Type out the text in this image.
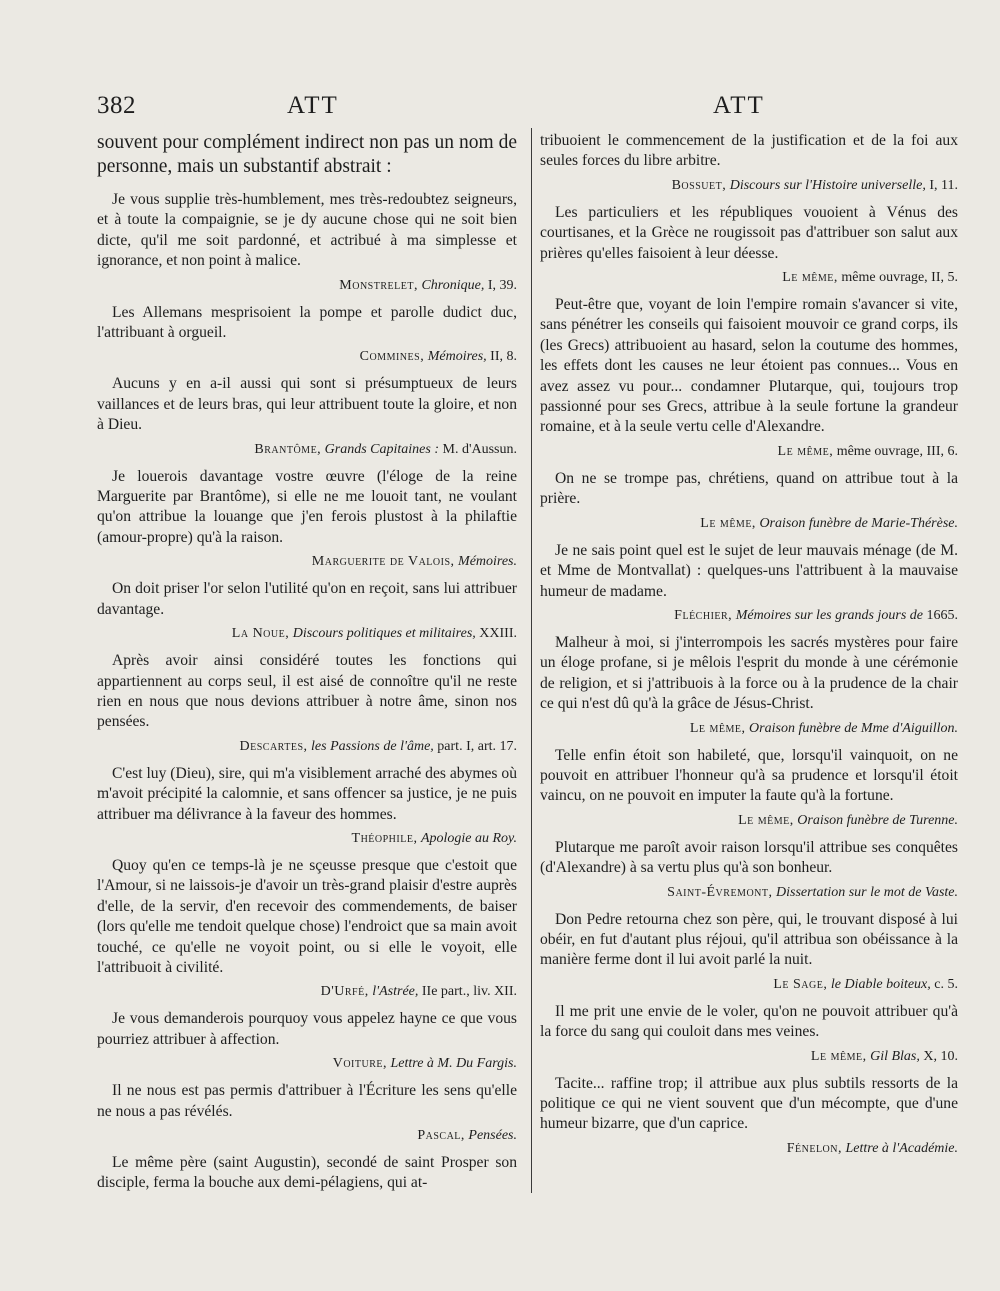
382	ATT	ATT

souvent pour complément indirect non pas un nom de personne, mais un substantif abstrait :

Je vous supplie très-humblement, mes très-redoubtez seigneurs, et à toute la compaignie, se je dy aucune chose qui ne soit bien dicte, qu'il me soit pardonné, et actribué à ma simplesse et ignorance, et non point à malice.

Monstrelet, Chronique, I, 39.

Les Allemans mesprisoient la pompe et parolle dudict duc, l'attribuant à orgueil.

Commines, Mémoires, II, 8.

Aucuns y en a-il aussi qui sont si présumptueux de leurs vaillances et de leurs bras, qui leur attribuent toute la gloire, et non à Dieu.

Brantôme, Grands Capitaines : M. d'Aussun.

Je louerois davantage vostre œuvre (l'éloge de la reine Marguerite par Brantôme), si elle ne me louoit tant, ne voulant qu'on attribue la louange que j'en ferois plustost à la philaftie (amour-propre) qu'à la raison.

Marguerite de Valois, Mémoires.

On doit priser l'or selon l'utilité qu'on en reçoit, sans lui attribuer davantage.

La Noue, Discours politiques et militaires, XXIII.

Après avoir ainsi considéré toutes les fonctions qui appartiennent au corps seul, il est aisé de connoître qu'il ne reste rien en nous que nous devions attribuer à notre âme, sinon nos pensées.

Descartes, les Passions de l'âme, part. I, art. 17.

C'est luy (Dieu), sire, qui m'a visiblement arraché des abymes où m'avoit précipité la calomnie, et sans offencer sa justice, je ne puis attribuer ma délivrance à la faveur des hommes.

Théophile, Apologie au Roy.

Quoy qu'en ce temps-là je ne sçeusse presque que c'estoit que l'Amour, si ne laissois-je d'avoir un très-grand plaisir d'estre auprès d'elle, de la servir, d'en recevoir des commendements, de baiser (lors qu'elle me tendoit quelque chose) l'endroict que sa main avoit touché, ce qu'elle ne voyoit point, ou si elle le voyoit, elle l'attribuoit à civilité.

D'Urfé, l'Astrée, IIe part., liv. XII.

Je vous demanderois pourquoy vous appelez hayne ce que vous pourriez attribuer à affection.

Voiture, Lettre à M. Du Fargis.

Il ne nous est pas permis d'attribuer à l'Écriture les sens qu'elle ne nous a pas révélés.

Pascal, Pensées.

Le même père (saint Augustin), secondé de saint Prosper son disciple, ferma la bouche aux demi-pélagiens, qui at-

tribuoient le commencement de la justification et de la foi aux seules forces du libre arbitre.

Bossuet, Discours sur l'Histoire universelle, I, 11.

Les particuliers et les républiques vouoient à Vénus des courtisanes, et la Grèce ne rougissoit pas d'attribuer son salut aux prières qu'elles faisoient à leur déesse.

Le même, même ouvrage, II, 5.

Peut-être que, voyant de loin l'empire romain s'avancer si vite, sans pénétrer les conseils qui faisoient mouvoir ce grand corps, ils (les Grecs) attribuoient au hasard, selon la coutume des hommes, les effets dont les causes ne leur étoient pas connues... Vous en avez assez vu pour... condamner Plutarque, qui, toujours trop passionné pour ses Grecs, attribue à la seule fortune la grandeur romaine, et à la seule vertu celle d'Alexandre.

Le même, même ouvrage, III, 6.

On ne se trompe pas, chrétiens, quand on attribue tout à la prière.

Le même, Oraison funèbre de Marie-Thérèse.

Je ne sais point quel est le sujet de leur mauvais ménage (de M. et Mme de Montvallat) : quelques-uns l'attribuent à la mauvaise humeur de madame.

Fléchier, Mémoires sur les grands jours de 1665.

Malheur à moi, si j'interrompois les sacrés mystères pour faire un éloge profane, si je mêlois l'esprit du monde à une cérémonie de religion, et si j'attribuois à la force ou à la prudence de la chair ce qui n'est dû qu'à la grâce de Jésus-Christ.

Le même, Oraison funèbre de Mme d'Aiguillon.

Telle enfin étoit son habileté, que, lorsqu'il vainquoit, on ne pouvoit en attribuer l'honneur qu'à sa prudence et lorsqu'il étoit vaincu, on ne pouvoit en imputer la faute qu'à la fortune.

Le même, Oraison funèbre de Turenne.

Plutarque me paroît avoir raison lorsqu'il attribue ses conquêtes (d'Alexandre) à sa vertu plus qu'à son bonheur.

Saint-Évremont, Dissertation sur le mot de Vaste.

Don Pedre retourna chez son père, qui, le trouvant disposé à lui obéir, en fut d'autant plus réjoui, qu'il attribua son obéissance à la manière ferme dont il lui avoit parlé la nuit.

Le Sage, le Diable boiteux, c. 5.

Il me prit une envie de le voler, qu'on ne pouvoit attribuer qu'à la force du sang qui couloit dans mes veines.

Le même, Gil Blas, X, 10.

Tacite... raffine trop; il attribue aux plus subtils ressorts de la politique ce qui ne vient souvent que d'un mécompte, que d'une humeur bizarre, que d'un caprice.

Fénelon, Lettre à l'Académie.
